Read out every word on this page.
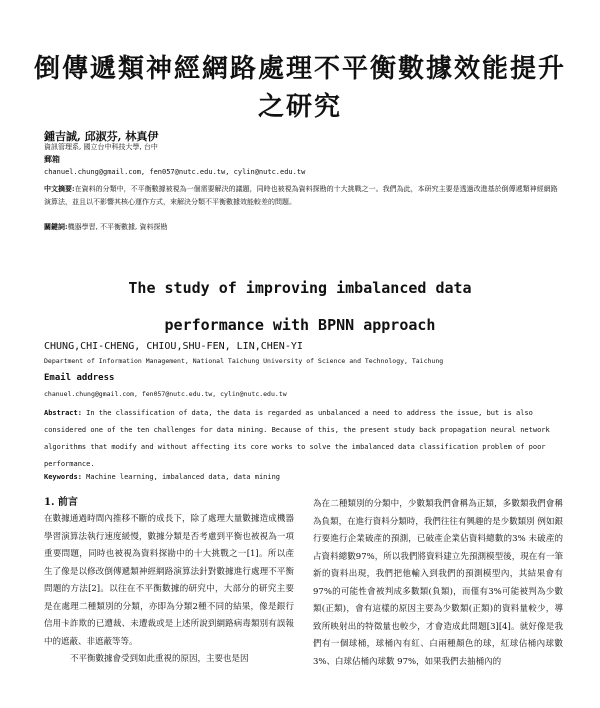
倒傳遞類神經網路處理不平衡數據效能提升
之研究
鍾吉誠, 邱淑芬, 林真伊
資訊管理系, 國立台中科技大學, 台中
郵箱
chanuel.chung@gmail.com, fen057@nutc.edu.tw, cylin@nutc.edu.tw
中文摘要:在資料的分類中，不平衡數據被視為一個需要解決的議題，同時也被視為資料探勘的十大挑戰之一。我們為此，本研究主要是透過改進基於倒傳遞類神經網路演算法，並且以不影響其核心運作方式，來解決分類不平衡數據效能較差的問題。
關鍵詞:機器學習, 不平衡數據, 資料探勘
The study of improving imbalanced data
performance with BPNN approach
CHUNG,CHI-CHENG, CHIOU,SHU-FEN, LIN,CHEN-YI
Department of Information Management, National Taichung University of Science and Technology, Taichung
Email address
chanuel.chung@gmail.com, fen057@nutc.edu.tw, cylin@nutc.edu.tw
Abstract: In the classification of data, the data is regarded as unbalanced a need to address the issue, but is also considered one of the ten challenges for data mining. Because of this, the present study back propagation neural network algorithms that modify and without affecting its core works to solve the imbalanced data classification problem of poor performance.
Keywords: Machine learning, imbalanced data, data mining

1. 前言

在數據通過時間內推移不斷的成長下，除了處理大量數據造成機器學習演算法執行速度緩慢，數據分類是否考慮到平衡也被視為一項重要問題，同時也被視為資料探勘中的十大挑戰之一[1]。所以產生了像是以修改倒傳遞類神經網路演算法針對數據進行處理不平衡問題的方法[2]。以往在不平衡數據的研究中，大部分的研究主要是在處理二種類別的分類，亦即為分類2種不同的結果，像是銀行信用卡詐欺的已遭裁、未遭裁或是上述所說到網路病毒類別有誤報中的遮蔽、非遮蔽等等。

不平衡數據會受到如此重視的原因，主要也是因

為在二種類別的分類中，少數類我們會稱為正類，多數類我們會稱為負類，在進行資料分類時，我們往往有興趣的是少數類別 例如銀行要進行企業破產的預測，已破產企業佔資料總數的3% 未破產的占資料總數97%，所以我們將資料建立先預測模型後，現在有一筆新的資料出現，我們把他輸入到我們的預測模型內，其結果會有 97%的可能性會被判成多數類(負類)，而僅有3%可能被判為少數類(正類)，會有這樣的原因主要為少數類(正類)的資料量較少，導致所映射出的特徵量也較少，才會造成此問題[3][4]。就好像是我們有一個球桶，球桶內有紅、白兩種顏色的球，紅球佔桶內球數 3%、白球佔桶內球數 97%，如果我們去抽桶內的
